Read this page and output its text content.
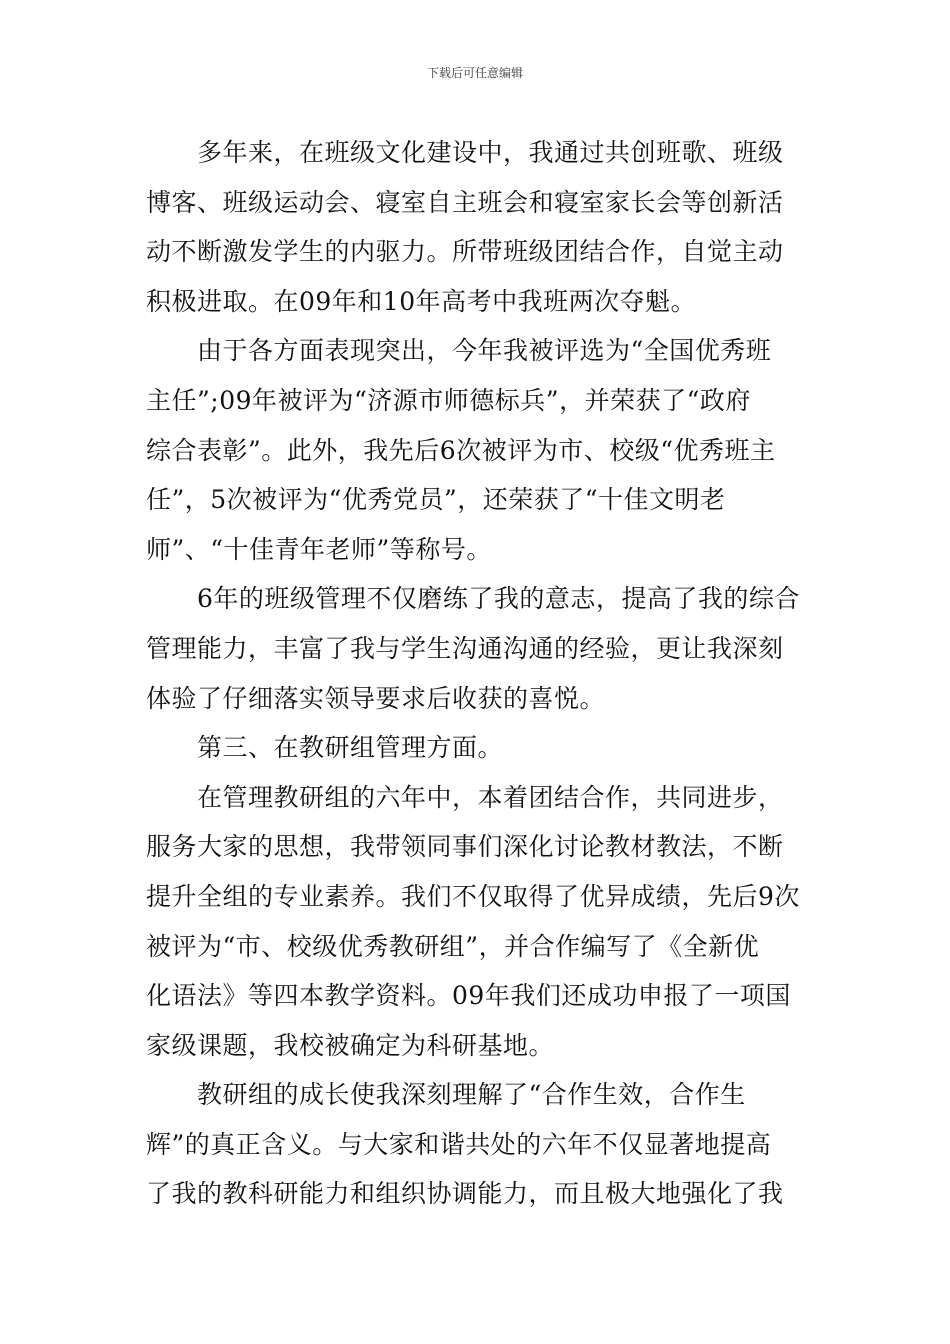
下载后可任意编辑

　　多年来，在班级文化建设中，我通过共创班歌、班级
博客、班级运动会、寝室自主班会和寝室家长会等创新活
动不断激发学生的内驱力。所带班级团结合作，自觉主动
积极进取。在09年和10年高考中我班两次夺魁。

　　由于各方面表现突出，今年我被评选为“全国优秀班
主任”;09年被评为“济源市师德标兵”，并荣获了“政府
综合表彰”。此外，我先后6次被评为市、校级“优秀班主
任”，5次被评为“优秀党员”，还荣获了“十佳文明老
师”、“十佳青年老师”等称号。

　　6年的班级管理不仅磨练了我的意志，提高了我的综合
管理能力，丰富了我与学生沟通沟通的经验，更让我深刻
体验了仔细落实领导要求后收获的喜悦。

　　第三、在教研组管理方面。

　　在管理教研组的六年中，本着团结合作，共同进步，
服务大家的思想，我带领同事们深化讨论教材教法，不断
提升全组的专业素养。我们不仅取得了优异成绩，先后9次
被评为“市、校级优秀教研组”，并合作编写了《全新优
化语法》等四本教学资料。09年我们还成功申报了一项国
家级课题，我校被确定为科研基地。

　　教研组的成长使我深刻理解了“合作生效，合作生
辉”的真正含义。与大家和谐共处的六年不仅显著地提高
了我的教科研能力和组织协调能力，而且极大地强化了我
